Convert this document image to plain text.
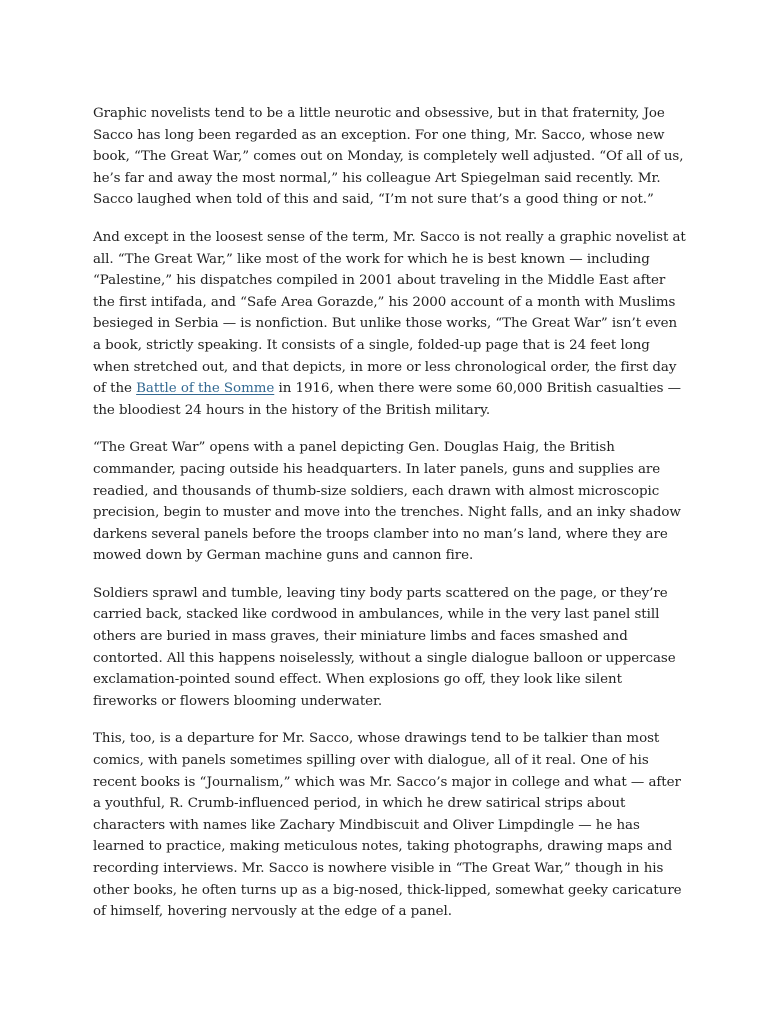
Graphic novelists tend to be a little neurotic and obsessive, but in that fraternity, Joe Sacco has long been regarded as an exception. For one thing, Mr. Sacco, whose new book, “The Great War,” comes out on Monday, is completely well adjusted. “Of all of us, he’s far and away the most normal,” his colleague Art Spiegelman said recently. Mr. Sacco laughed when told of this and said, “I’m not sure that’s a good thing or not.”

And except in the loosest sense of the term, Mr. Sacco is not really a graphic novelist at all. “The Great War,” like most of the work for which he is best known — including “Palestine,” his dispatches compiled in 2001 about traveling in the Middle East after the first intifada, and “Safe Area Gorazde,” his 2000 account of a month with Muslims besieged in Serbia — is nonfiction. But unlike those works, “The Great War” isn’t even a book, strictly speaking. It consists of a single, folded-up page that is 24 feet long when stretched out, and that depicts, in more or less chronological order, the first day of the Battle of the Somme in 1916, when there were some 60,000 British casualties — the bloodiest 24 hours in the history of the British military.

“The Great War” opens with a panel depicting Gen. Douglas Haig, the British commander, pacing outside his headquarters. In later panels, guns and supplies are readied, and thousands of thumb-size soldiers, each drawn with almost microscopic precision, begin to muster and move into the trenches. Night falls, and an inky shadow darkens several panels before the troops clamber into no man’s land, where they are mowed down by German machine guns and cannon fire.

Soldiers sprawl and tumble, leaving tiny body parts scattered on the page, or they’re carried back, stacked like cordwood in ambulances, while in the very last panel still others are buried in mass graves, their miniature limbs and faces smashed and contorted. All this happens noiselessly, without a single dialogue balloon or uppercase exclamation-pointed sound effect. When explosions go off, they look like silent fireworks or flowers blooming underwater.

This, too, is a departure for Mr. Sacco, whose drawings tend to be talkier than most comics, with panels sometimes spilling over with dialogue, all of it real. One of his recent books is “Journalism,” which was Mr. Sacco’s major in college and what — after a youthful, R. Crumb-influenced period, in which he drew satirical strips about characters with names like Zachary Mindbiscuit and Oliver Limpdingle — he has learned to practice, making meticulous notes, taking photographs, drawing maps and recording interviews. Mr. Sacco is nowhere visible in “The Great War,” though in his other books, he often turns up as a big-nosed, thick-lipped, somewhat geeky caricature of himself, hovering nervously at the edge of a panel.
